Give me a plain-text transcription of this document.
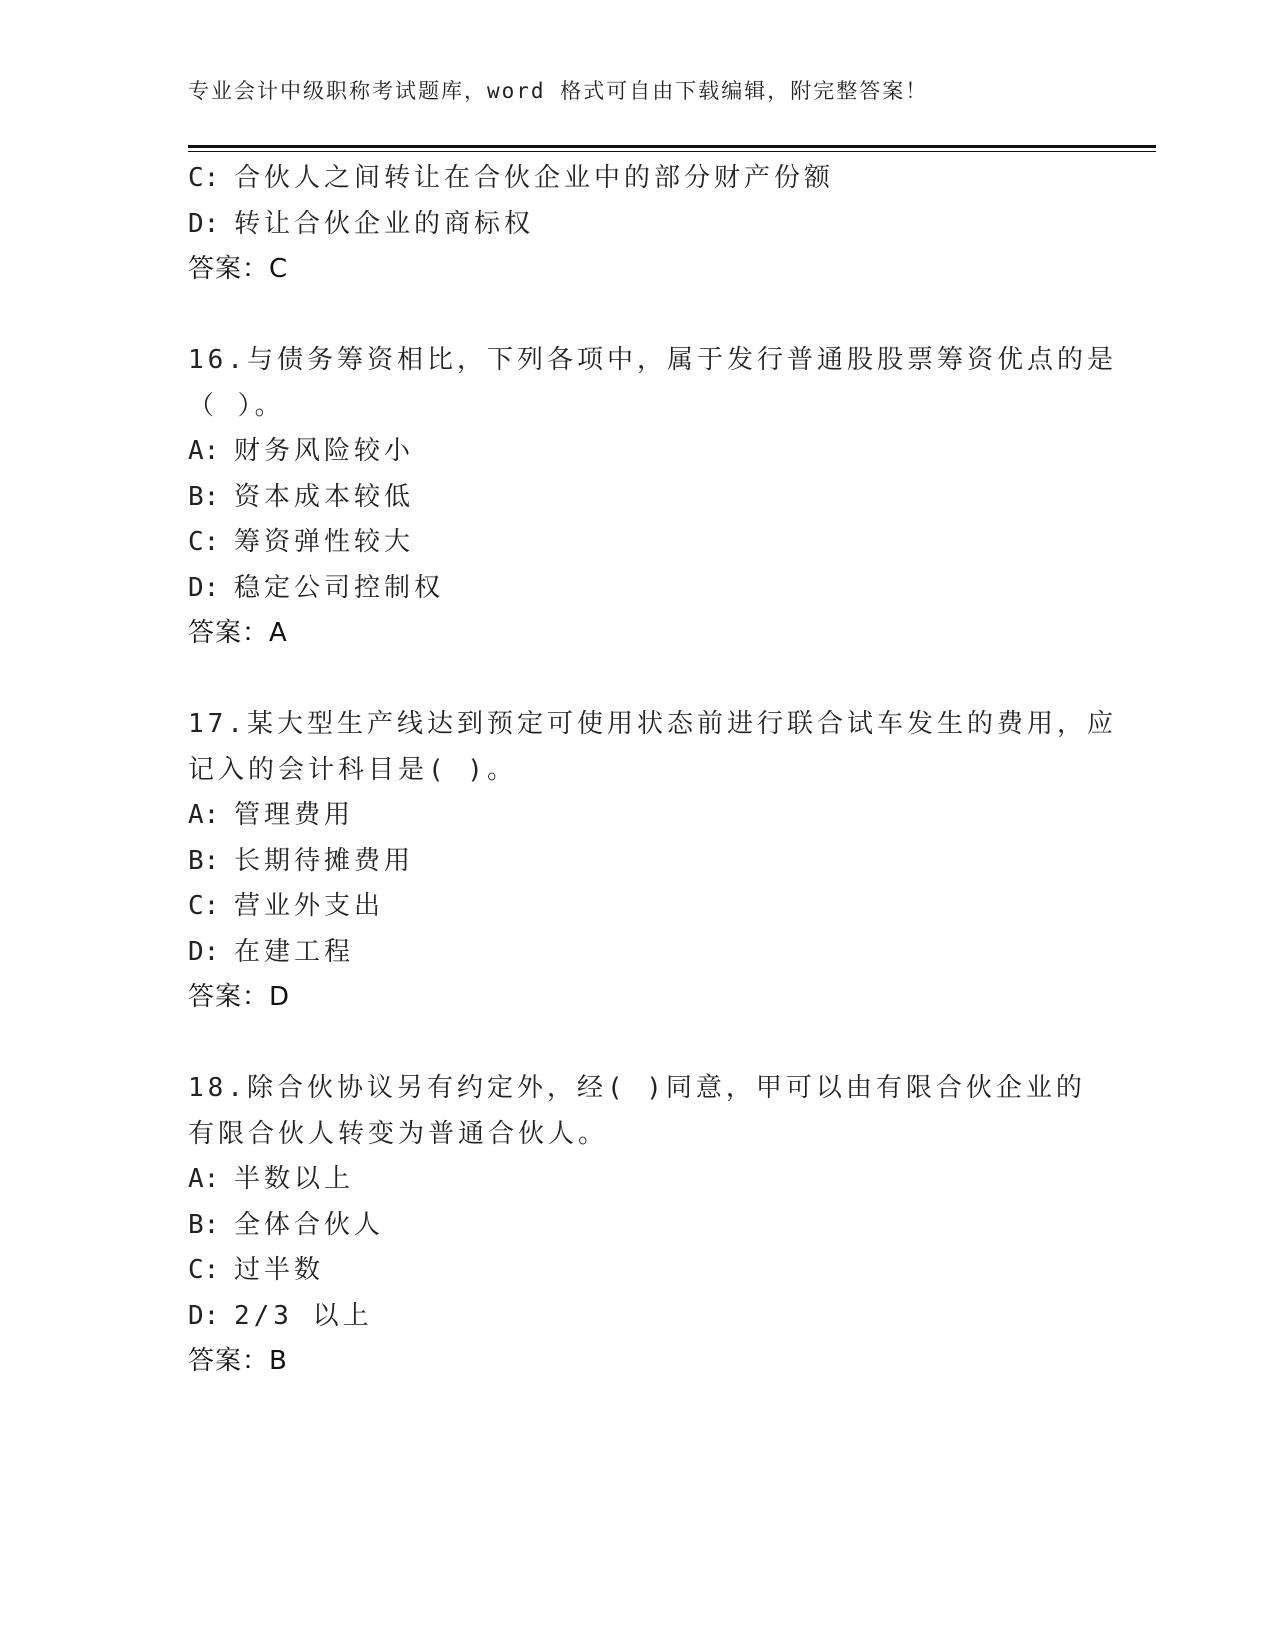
专业会计中级职称考试题库，word 格式可自由下载编辑，附完整答案！
C: 合伙人之间转让在合伙企业中的部分财产份额
D: 转让合伙企业的商标权
答案：C
16.与债务筹资相比，下列各项中，属于发行普通股股票筹资优点的是
（ ）。
A: 财务风险较小
B: 资本成本较低
C: 筹资弹性较大
D: 稳定公司控制权
答案：A
17.某大型生产线达到预定可使用状态前进行联合试车发生的费用，应
记入的会计科目是( )。
A: 管理费用
B: 长期待摊费用
C: 营业外支出
D: 在建工程
答案：D
18.除合伙协议另有约定外，经( )同意，甲可以由有限合伙企业的
有限合伙人转变为普通合伙人。
A: 半数以上
B: 全体合伙人
C: 过半数
D: 2/3 以上
答案：B
